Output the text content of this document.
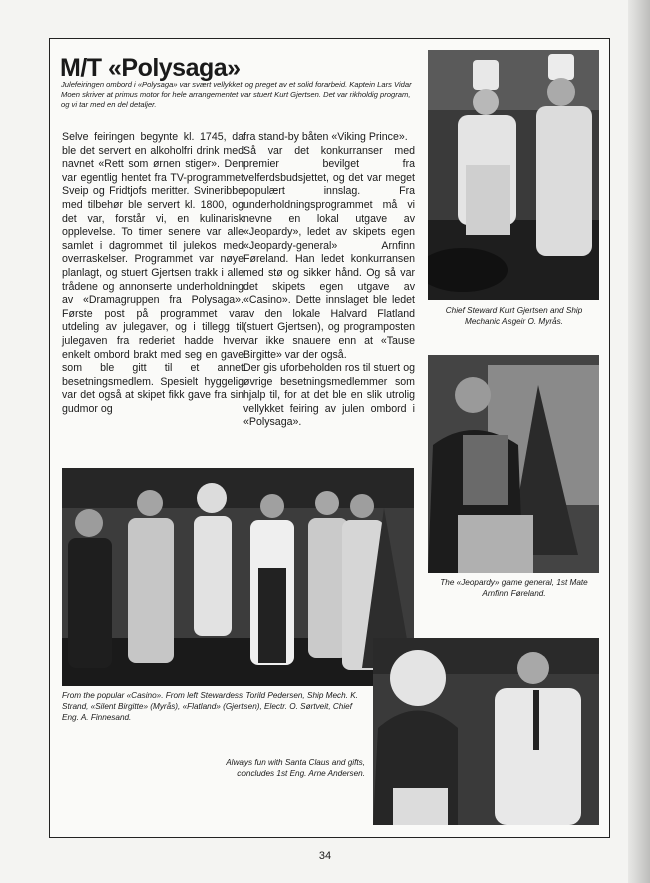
M/T «Polysaga»

Julefeiringen ombord i «Polysaga» var svært vellykket og preget av et solid forarbeid. Kaptein Lars Vidar Moen skriver at primus motor for hele arrangementet var stuert Kurt Gjertsen. Det var rikholdig program, og vi tar med en del detaljer.

Selve feiringen begynte kl. 1745, da ble det servert en alkoholfri drink med navnet «Rett som ørnen stiger». Den var egentlig hentet fra TV-programmet Sveip og Fridtjofs meritter. Svineribbe med tilbehør ble servert kl. 1800, og det var, forstår vi, en kulinarisk opplevelse. To timer senere var alle samlet i dagrommet til julekos med overraskelser. Programmet var nøye planlagt, og stuert Gjertsen trakk i alle trådene og annonserte underholdning av «Dramagruppen fra Polysaga». Første post på programmet var utdeling av julegaver, og i tillegg til julegaven fra rederiet hadde hver enkelt ombord brakt med seg en gave som ble gitt til et annet besetningsmedlem. Spesielt hyggelig var det også at skipet fikk gave fra sin gudmor og

fra stand-by båten «Viking Prince».

Så var det konkurranser med premier bevilget fra velferdsbudsjettet, og det var meget populært innslag. Fra underholdningsprogrammet må vi nevne en lokal utgave av «Jeopardy», ledet av skipets egen «Jeopardy-general» Arnfinn Føreland. Han ledet konkurransen med stø og sikker hånd. Og så var det skipets egen utgave av «Casino». Dette innslaget ble ledet av den lokale Halvard Flatland (stuert Gjertsen), og programposten var ikke snauere enn at «Tause Birgitte» var der også.

Der gis uforbeholden ros til stuert og øvrige besetningsmedlemmer som hjalp til, for at det ble en slik utrolig vellykket feiring av julen ombord i «Polysaga».

Chief Steward Kurt Gjertsen and Ship Mechanic Asgeir O. Myrås.
The «Jeopardy» game general, 1st Mate Arnfinn Føreland.
From the popular «Casino». From left Stewardess Torild Pedersen, Ship Mech. K. Strand, «Silent Birgitte» (Myrås), «Flatland» (Gjertsen), Electr. O. Sørtveit, Chief Eng. A. Finnesand.
Always fun with Santa Claus and gifts, concludes 1st Eng. Arne Andersen.
34
